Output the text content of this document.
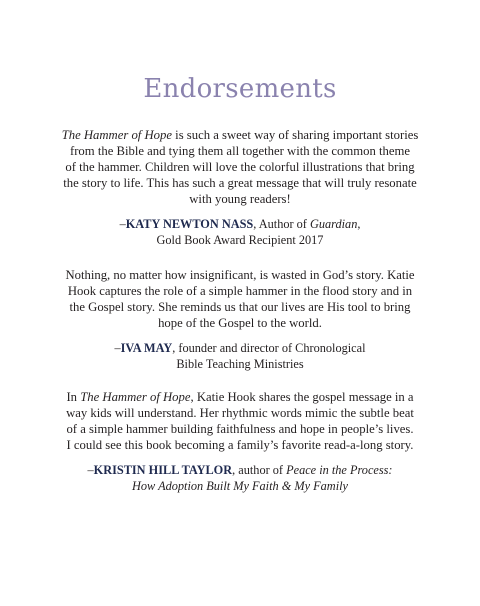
Endorsements
The Hammer of Hope is such a sweet way of sharing important stories
from the Bible and tying them all together with the common theme
of the hammer. Children will love the colorful illustrations that bring
the story to life. This has such a great message that will truly resonate
with young readers!
–KATY NEWTON NASS, Author of Guardian,
Gold Book Award Recipient 2017
Nothing, no matter how insignificant, is wasted in God’s story. Katie
Hook captures the role of a simple hammer in the flood story and in
the Gospel story. She reminds us that our lives are His tool to bring
hope of the Gospel to the world.
–IVA MAY, founder and director of Chronological
Bible Teaching Ministries
In The Hammer of Hope, Katie Hook shares the gospel message in a
way kids will understand. Her rhythmic words mimic the subtle beat
of a simple hammer building faithfulness and hope in people’s lives.
I could see this book becoming a family’s favorite read-a-long story.
–KRISTIN HILL TAYLOR, author of Peace in the Process:
How Adoption Built My Faith & My Family
